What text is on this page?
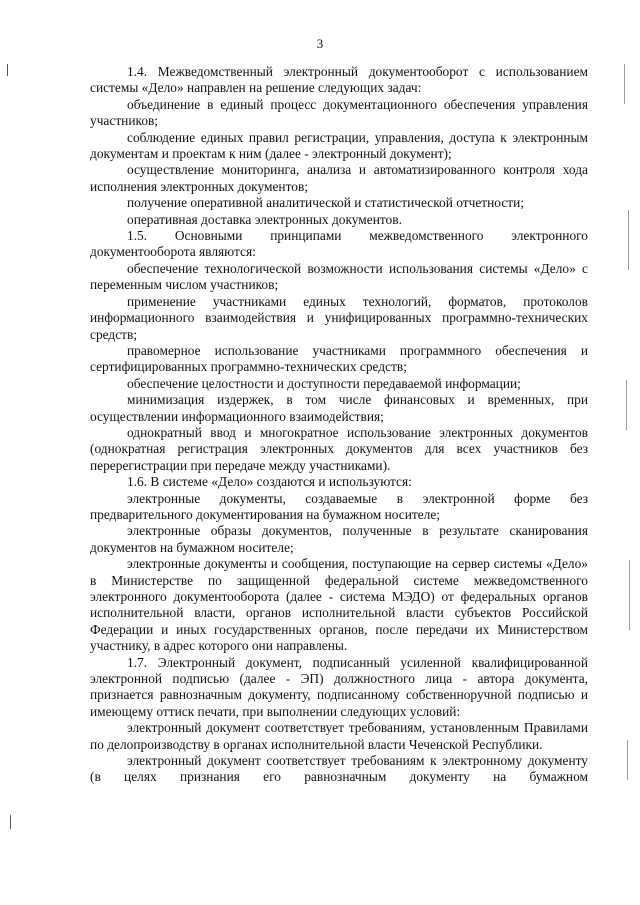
3

1.4. Межведомственный электронный документооборот с использованием системы «Дело» направлен на решение следующих задач:

объединение в единый процесс документационного обеспечения управления участников;

соблюдение единых правил регистрации, управления, доступа к электронным документам и проектам к ним (далее - электронный документ);

осуществление мониторинга, анализа и автоматизированного контроля хода исполнения электронных документов;

получение оперативной аналитической и статистической отчетности;

оперативная доставка электронных документов.

1.5. Основными принципами межведомственного электронного документооборота являются:

обеспечение технологической возможности использования системы «Дело» с переменным числом участников;

применение участниками единых технологий, форматов, протоколов информационного взаимодействия и унифицированных программно-технических средств;

правомерное использование участниками программного обеспечения и сертифицированных программно-технических средств;

обеспечение целостности и доступности передаваемой информации;

минимизация издержек, в том числе финансовых и временных, при осуществлении информационного взаимодействия;

однократный ввод и многократное использование электронных документов (однократная регистрация электронных документов для всех участников без перерегистрации при передаче между участниками).

1.6. В системе «Дело» создаются и используются:

электронные документы, создаваемые в электронной форме без предварительного документирования на бумажном носителе;

электронные образы документов, полученные в результате сканирования документов на бумажном носителе;

электронные документы и сообщения, поступающие на сервер системы «Дело» в Министерстве по защищенной федеральной системе межведомственного электронного документооборота (далее - система МЭДО) от федеральных органов исполнительной власти, органов исполнительной власти субъектов Российской Федерации и иных государственных органов, после передачи их Министерством участнику, в адрес которого они направлены.

1.7. Электронный документ, подписанный усиленной квалифицированной электронной подписью (далее - ЭП) должностного лица - автора документа, признается равнозначным документу, подписанному собственноручной подписью и имеющему оттиск печати, при выполнении следующих условий:

электронный документ соответствует требованиям, установленным Правилами по делопроизводству в органах исполнительной власти Чеченской Республики.

электронный документ соответствует требованиям к электронному документу (в целях признания его равнозначным документу на бумажном
